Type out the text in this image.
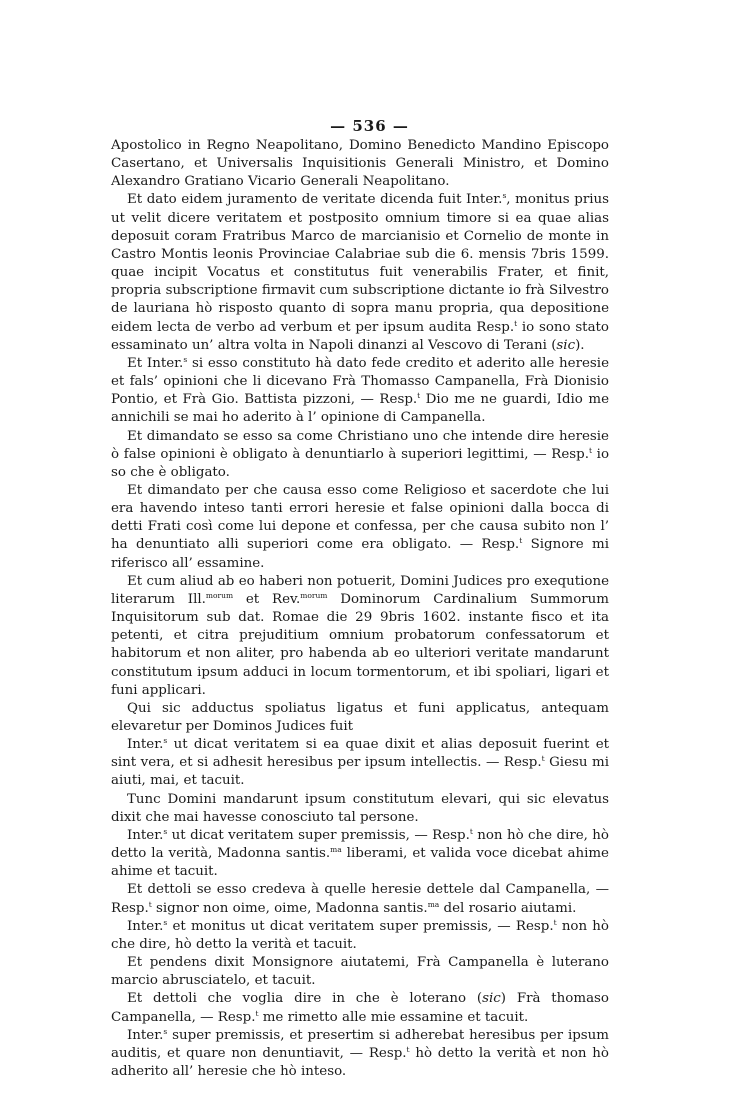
— 536 —

Apostolico in Regno Neapolitano, Domino Benedicto Mandino Episcopo Casertano, et Universalis Inquisitionis Generali Ministro, et Domino Alexandro Gratiano Vicario Generali Neapolitano.

Et dato eidem juramento de veritate dicenda fuit Inter.$^s$, monitus prius ut velit dicere veritatem et postposito omnium timore si ea quae alias deposuit coram Fratribus Marco de marcianisio et Cornelio de monte in Castro Montis leonis Provinciae Calabriae sub die 6. mensis 7bris 1599. quae incipit Vocatus et constitutus fuit venerabilis Frater, et finit, propria subscriptione firmavit cum subscriptione dictante io frà Silvestro de lauriana hò risposto quanto di sopra manu propria, qua depositione eidem lecta de verbo ad verbum et per ipsum audita Resp.$^t$ io sono stato essaminato un’ altra volta in Napoli dinanzi al Vescovo di Terani (sic).

Et Inter.$^s$ si esso constituto hà dato fede credito et aderito alle heresie et fals’ opinioni che li dicevano Frà Thomasso Campanella, Frà Dionisio Pontio, et Frà Gio. Battista pizzoni, — Resp.$^t$ Dio me ne guardi, Idio me annichili se mai ho aderito à l’ opinione di Campanella.

Et dimandato se esso sa come Christiano uno che intende dire heresie ò false opinioni è obligato à denuntiarlo à superiori legittimi, — Resp.$^t$ io so che è obligato.

Et dimandato per che causa esso come Religioso et sacerdote che lui era havendo inteso tanti errori heresie et false opinioni dalla bocca di detti Frati così come lui depone et confessa, per che causa subito non l’ ha denuntiato alli superiori come era obligato. — Resp.$^t$ Signore mi riferisco all’ essamine.

Et cum aliud ab eo haberi non potuerit, Domini Judices pro exequtione literarum Ill.$^{morum}$ et Rev.$^{morum}$ Dominorum Cardinalium Summorum Inquisitorum sub dat. Romae die 29 9bris 1602. instante fisco et ita petenti, et citra prejuditium omnium probatorum confessatorum et habitorum et non aliter, pro habenda ab eo ulteriori veritate mandarunt constitutum ipsum adduci in locum tormentorum, et ibi spoliari, ligari et funi applicari.

Qui sic adductus spoliatus ligatus et funi applicatus, antequam elevaretur per Dominos Judices fuit

Inter.$^s$ ut dicat veritatem si ea quae dixit et alias deposuit fuerint et sint vera, et si adhesit heresibus per ipsum intellectis. — Resp.$^t$ Giesu mi aiuti, mai, et tacuit.

Tunc Domini mandarunt ipsum constitutum elevari, qui sic elevatus dixit che mai havesse conosciuto tal persone.

Inter.$^s$ ut dicat veritatem super premissis, — Resp.$^t$ non hò che dire, hò detto la verità, Madonna santis.$^{ma}$ liberami, et valida voce dicebat ahime ahime et tacuit.

Et dettoli se esso credeva à quelle heresie dettele dal Campanella, — Resp.$^t$ signor non oime, oime, Madonna santis.$^{ma}$ del rosario aiutami.

Inter.$^s$ et monitus ut dicat veritatem super premissis, — Resp.$^t$ non hò che dire, hò detto la verità et tacuit.

Et pendens dixit Monsignore aiutatemi, Frà Campanella è luterano marcio abrusciatelo, et tacuit.

Et dettoli che voglia dire in che è loterano (sic) Frà thomaso Campanella, — Resp.$^t$ me rimetto alle mie essamine et tacuit.

Inter.$^s$ super premissis, et presertim si adherebat heresibus per ipsum auditis, et quare non denuntiavit, — Resp.$^t$ hò detto la verità et non hò adherito all’ heresie che hò inteso.
